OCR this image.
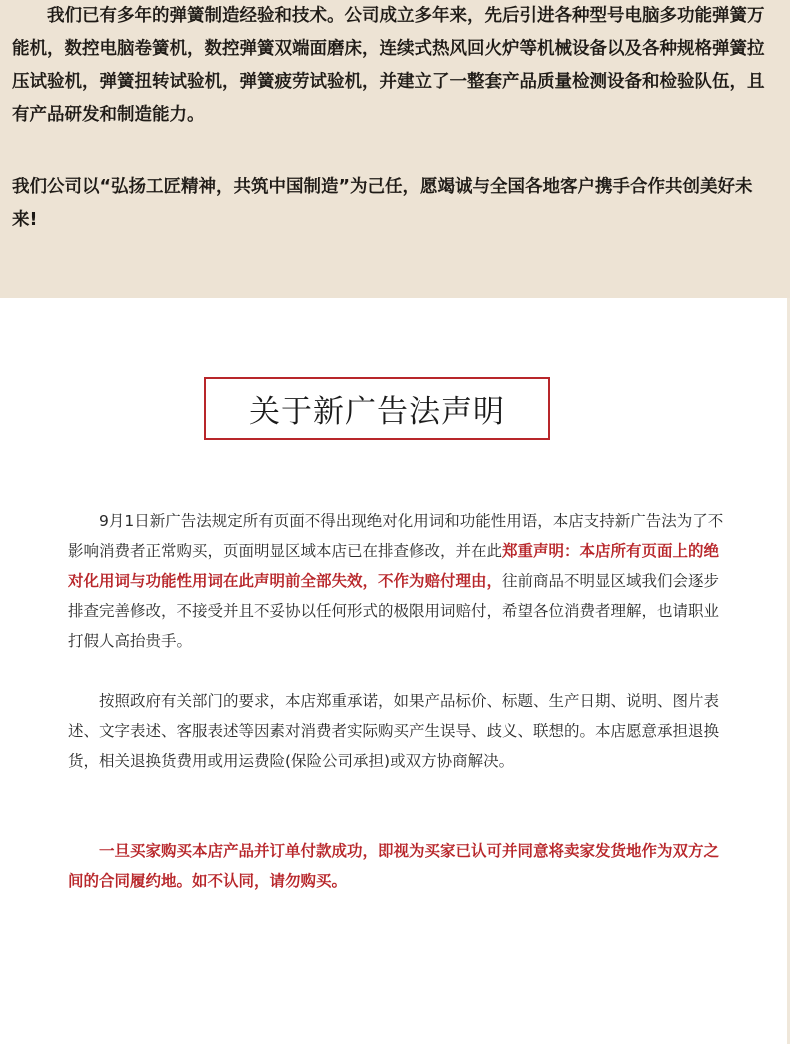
　　我们已有多年的弹簧制造经验和技术。公司成立多年来，先后引进各种型号电脑多功能弹簧万能机，数控电脑卷簧机，数控弹簧双端面磨床，连续式热风回火炉等机械设备以及各种规格弹簧拉压试验机，弹簧扭转试验机，弹簧疲劳试验机，并建立了一整套产品质量检测设备和检验队伍，且有产品研发和制造能力。

我们公司以“弘扬工匠精神，共筑中国制造”为己任，愿竭诚与全国各地客户携手合作共创美好未来!

关于新广告法声明

　　9月1日新广告法规定所有页面不得出现绝对化用词和功能性用语，本店支持新广告法为了不影响消费者正常购买，页面明显区域本店已在排查修改，并在此郑重声明：本店所有页面上的绝对化用词与功能性用词在此声明前全部失效，不作为赔付理由，往前商品不明显区域我们会逐步排查完善修改，不接受并且不妥协以任何形式的极限用词赔付，希望各位消费者理解，也请职业打假人高抬贵手。

　　按照政府有关部门的要求，本店郑重承诺，如果产品标价、标题、生产日期、说明、图片表述、文字表述、客服表述等因素对消费者实际购买产生误导、歧义、联想的。本店愿意承担退换货，相关退换货费用或用运费险(保险公司承担)或双方协商解决。

　　一旦买家购买本店产品并订单付款成功，即视为买家已认可并同意将卖家发货地作为双方之间的合同履约地。如不认同，请勿购买。
